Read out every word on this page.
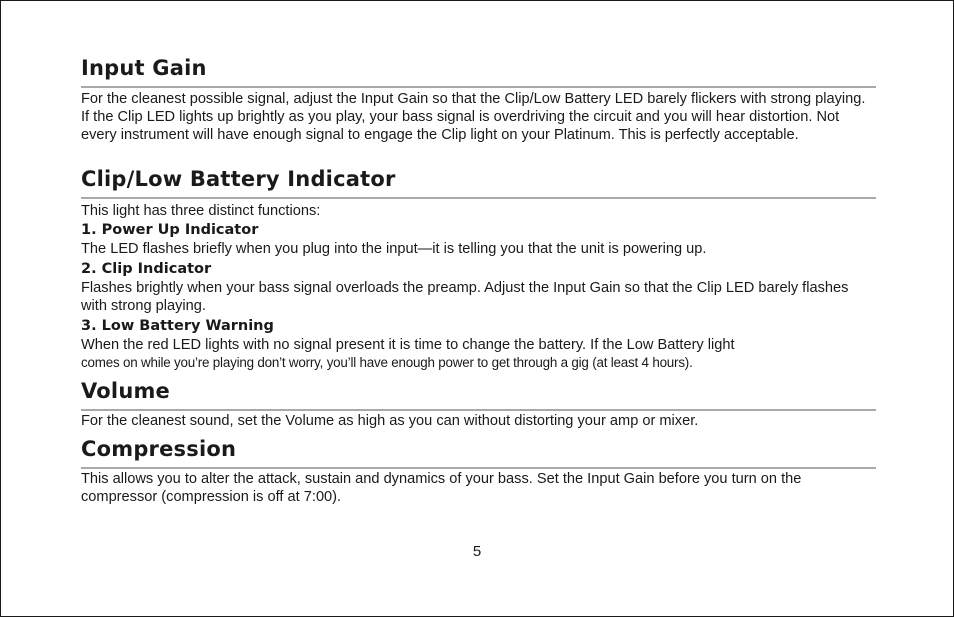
Input Gain

For the cleanest possible signal, adjust the Input Gain so that the Clip/Low Battery LED barely flickers with strong playing. If the Clip LED lights up brightly as you play, your bass signal is overdriving the circuit and you will hear distortion. Not every instrument will have enough signal to engage the Clip light on your Platinum. This is perfectly acceptable.

Clip/Low Battery Indicator

This light has three distinct functions:

1. Power Up Indicator

The LED flashes briefly when you plug into the input—it is telling you that the unit is powering up.

2. Clip Indicator

Flashes brightly when your bass signal overloads the preamp. Adjust the Input Gain so that the Clip LED barely flashes with strong playing.

3. Low Battery Warning

When the red LED lights with no signal present it is time to change the battery. If the Low Battery light

comes on while you’re playing don’t worry, you’ll have enough power to get through a gig (at least 4 hours).

Volume

For the cleanest sound, set the Volume as high as you can without distorting your amp or mixer.

Compression

This allows you to alter the attack, sustain and dynamics of your bass. Set the Input Gain before you turn on the compressor (compression is off at 7:00).

5
